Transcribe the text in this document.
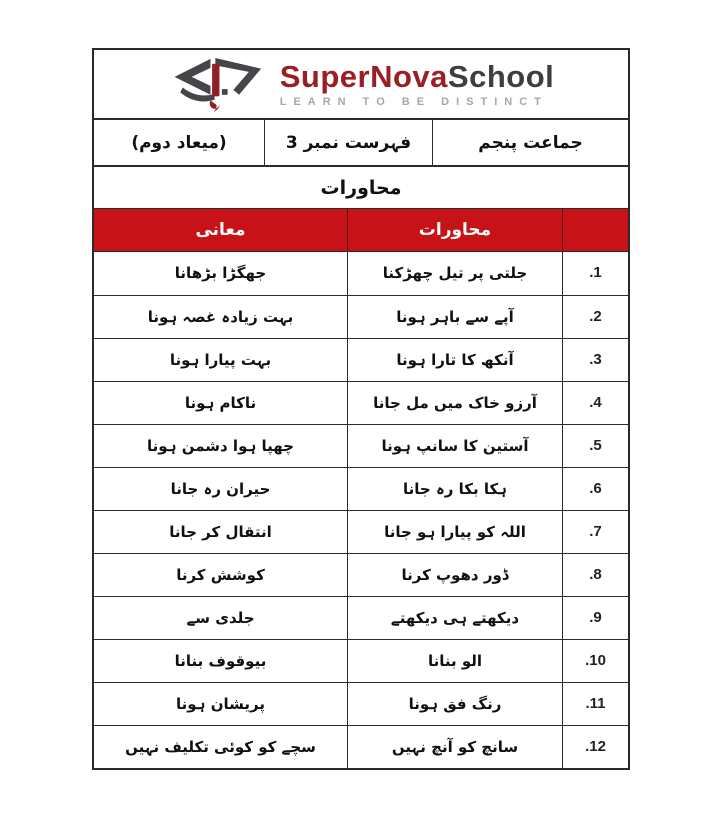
SuperNovaSchool
LEARN TO BE DISTINCT
(میعاد دوم)	فہرست نمبر 3	جماعت پنجم
محاورات
معانی	محاورات
جھگڑا بڑھانا	جلتی پر تیل چھڑکنا	.1
بہت زیادہ غصہ ہونا	آپے سے باہر ہونا	.2
بہت پیارا ہونا	آنکھ کا تارا ہونا	.3
ناکام ہونا	آرزو خاک میں مل جانا	.4
چھپا ہوا دشمن ہونا	آستین کا سانپ ہونا	.5
حیران رہ جانا	ہکا بکا رہ جانا	.6
انتقال کر جانا	اللہ کو پیارا ہو جانا	.7
کوشش کرنا	ڈور دھوپ کرنا	.8
جلدی سے	دیکھتے ہی دیکھتے	.9
بیوقوف بنانا	الو بنانا	.10
پریشان ہونا	رنگ فق ہونا	.11
سچے کو کوئی تکلیف نہیں	سانچ کو آنچ نہیں	.12
